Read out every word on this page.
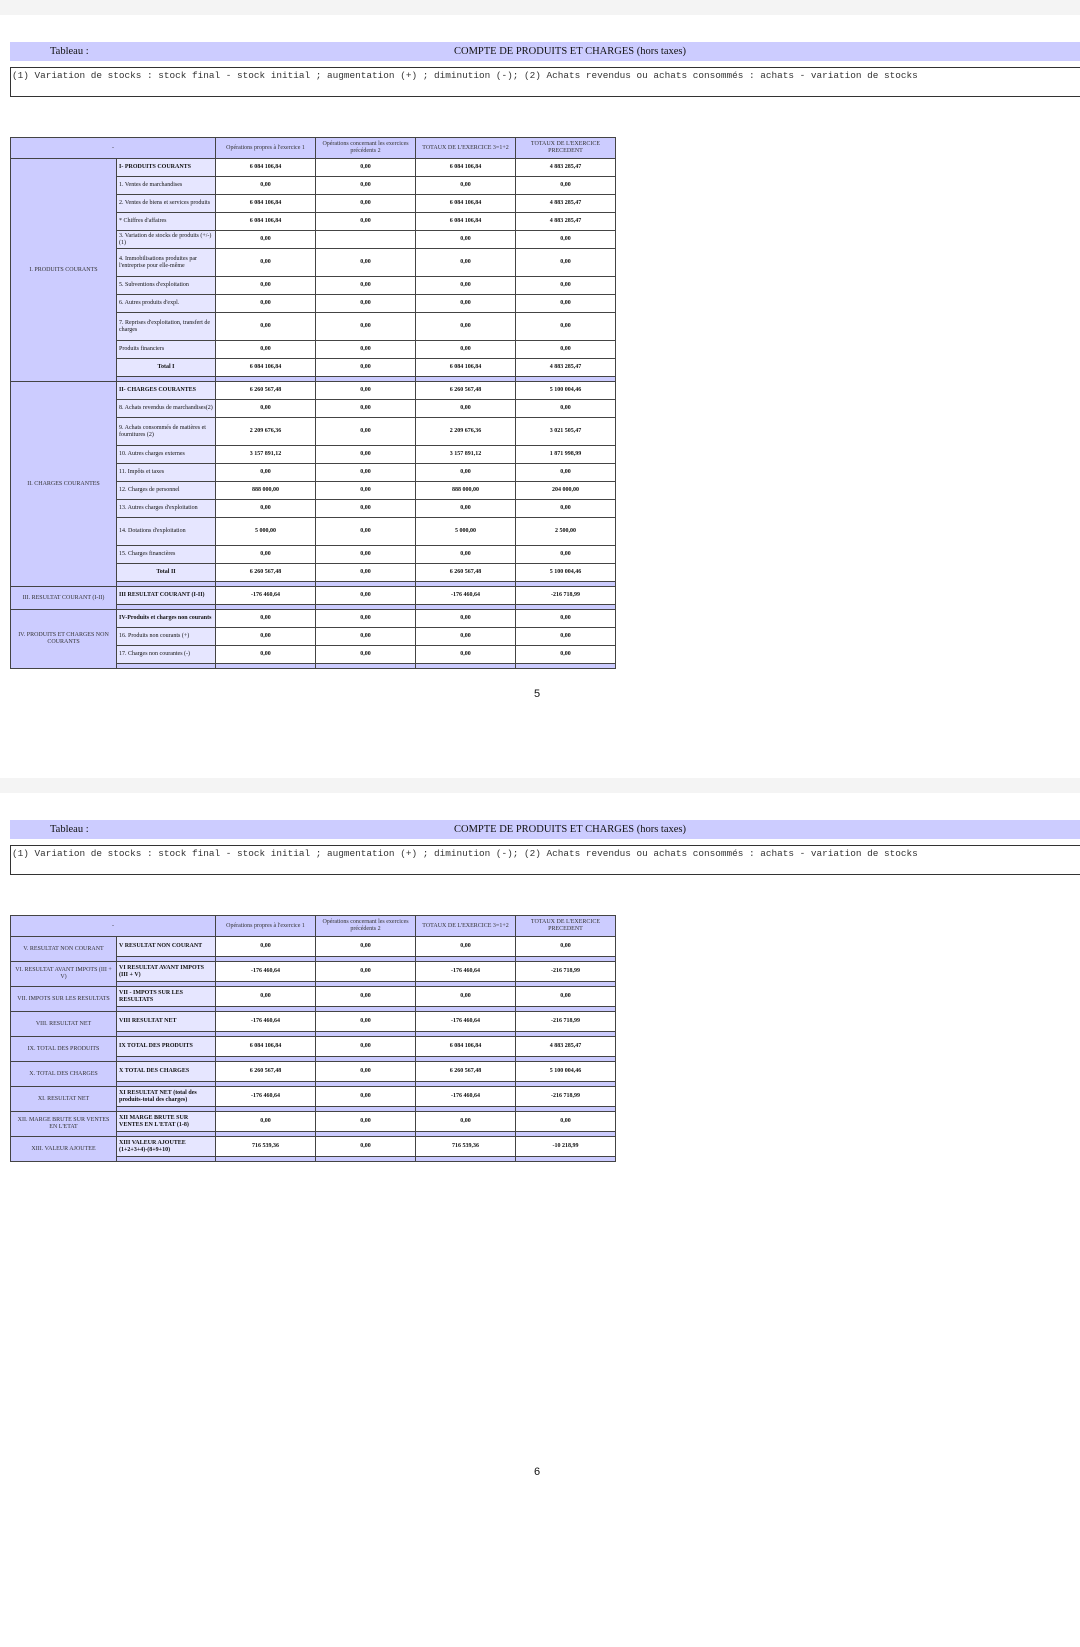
Tableau :	COMPTE DE PRODUITS ET CHARGES (hors taxes)
(1) Variation de stocks : stock final - stock initial ; augmentation (+) ; diminution (-); (2) Achats revendus ou achats consommés : achats - variation de stocks
-		Opérations propres à l'exercice 1	Opérations concernant les exercices précédents 2	TOTAUX DE L'EXERCICE 3=1+2	TOTAUX DE L'EXERCICE PRECEDENT
I. PRODUITS COURANTS	I- PRODUITS COURANTS	6 084 106,84	0,00	6 084 106,84	4 883 285,47
	1. Ventes de marchandises	0,00	0,00	0,00	0,00
	2. Ventes de biens et services produits	6 084 106,84	0,00	6 084 106,84	4 883 285,47
	* Chiffres d'affaires	6 084 106,84	0,00	6 084 106,84	4 883 285,47
	3. Variation de stocks de produits (+/-) (1)	0,00		0,00	0,00
	4. Immobilisations produites par l'entreprise pour elle-même	0,00	0,00	0,00	0,00
	5. Subventions d'exploitation	0,00	0,00	0,00	0,00
	6. Autres produits d'expl.	0,00	0,00	0,00	0,00
	7. Reprises d'exploitation, transfert de charges	0,00	0,00	0,00	0,00
	Produits financiers	0,00	0,00	0,00	0,00
	Total I	6 084 106,84	0,00	6 084 106,84	4 883 285,47

II. CHARGES COURANTES	II- CHARGES COURANTES	6 260 567,48	0,00	6 260 567,48	5 100 004,46
	8. Achats revendus de marchandises(2)	0,00	0,00	0,00	0,00
	9. Achats consommés de matières et fournitures (2)	2 209 676,36	0,00	2 209 676,36	3 021 505,47
	10. Autres charges externes	3 157 891,12	0,00	3 157 891,12	1 871 998,99
	11. Impôts et taxes	0,00	0,00	0,00	0,00
	12. Charges de personnel	888 000,00	0,00	888 000,00	204 000,00
	13. Autres charges d'exploitation	0,00	0,00	0,00	0,00
	14. Dotations d'exploitation	5 000,00	0,00	5 000,00	2 500,00
	15. Charges financières	0,00	0,00	0,00	0,00
	Total II	6 260 567,48	0,00	6 260 567,48	5 100 004,46

III. RESULTAT COURANT (I-II)	III RESULTAT COURANT (I-II)	-176 460,64	0,00	-176 460,64	-216 718,99

IV. PRODUITS ET CHARGES NON COURANTS	IV-Produits et charges non courants	0,00	0,00	0,00	0,00
	16. Produits non courants (+)	0,00	0,00	0,00	0,00
	17. Charges non courantes (-)	0,00	0,00	0,00	0,00

5
Tableau :	COMPTE DE PRODUITS ET CHARGES (hors taxes)
(1) Variation de stocks : stock final - stock initial ; augmentation (+) ; diminution (-); (2) Achats revendus ou achats consommés : achats - variation de stocks
-		Opérations propres à l'exercice 1	Opérations concernant les exercices précédents 2	TOTAUX DE L'EXERCICE 3=1+2	TOTAUX DE L'EXERCICE PRECEDENT
V. RESULTAT NON COURANT	V RESULTAT NON COURANT	0,00	0,00	0,00	0,00

VI. RESULTAT AVANT IMPOTS (III + V)	VI RESULTAT AVANT IMPOTS (III + V)	-176 460,64	0,00	-176 460,64	-216 718,99

VII. IMPOTS SUR LES RESULTATS	VII - IMPOTS SUR LES RESULTATS	0,00	0,00	0,00	0,00

VIII. RESULTAT NET	VIII RESULTAT NET	-176 460,64	0,00	-176 460,64	-216 718,99

IX. TOTAL DES PRODUITS	IX TOTAL DES PRODUITS	6 084 106,84	0,00	6 084 106,84	4 883 285,47

X. TOTAL DES CHARGES	X TOTAL DES CHARGES	6 260 567,48	0,00	6 260 567,48	5 100 004,46

XI. RESULTAT NET	XI RESULTAT NET (total des produits-total des charges)	-176 460,64	0,00	-176 460,64	-216 718,99

XII. MARGE BRUTE SUR VENTES EN L'ETAT	XII MARGE BRUTE SUR VENTES EN L'ETAT (1-8)	0,00	0,00	0,00	0,00

XIII. VALEUR AJOUTEE	XIII VALEUR AJOUTEE (1+2+3+4)-(8+9+10)	716 539,36	0,00	716 539,36	-10 218,99

6
